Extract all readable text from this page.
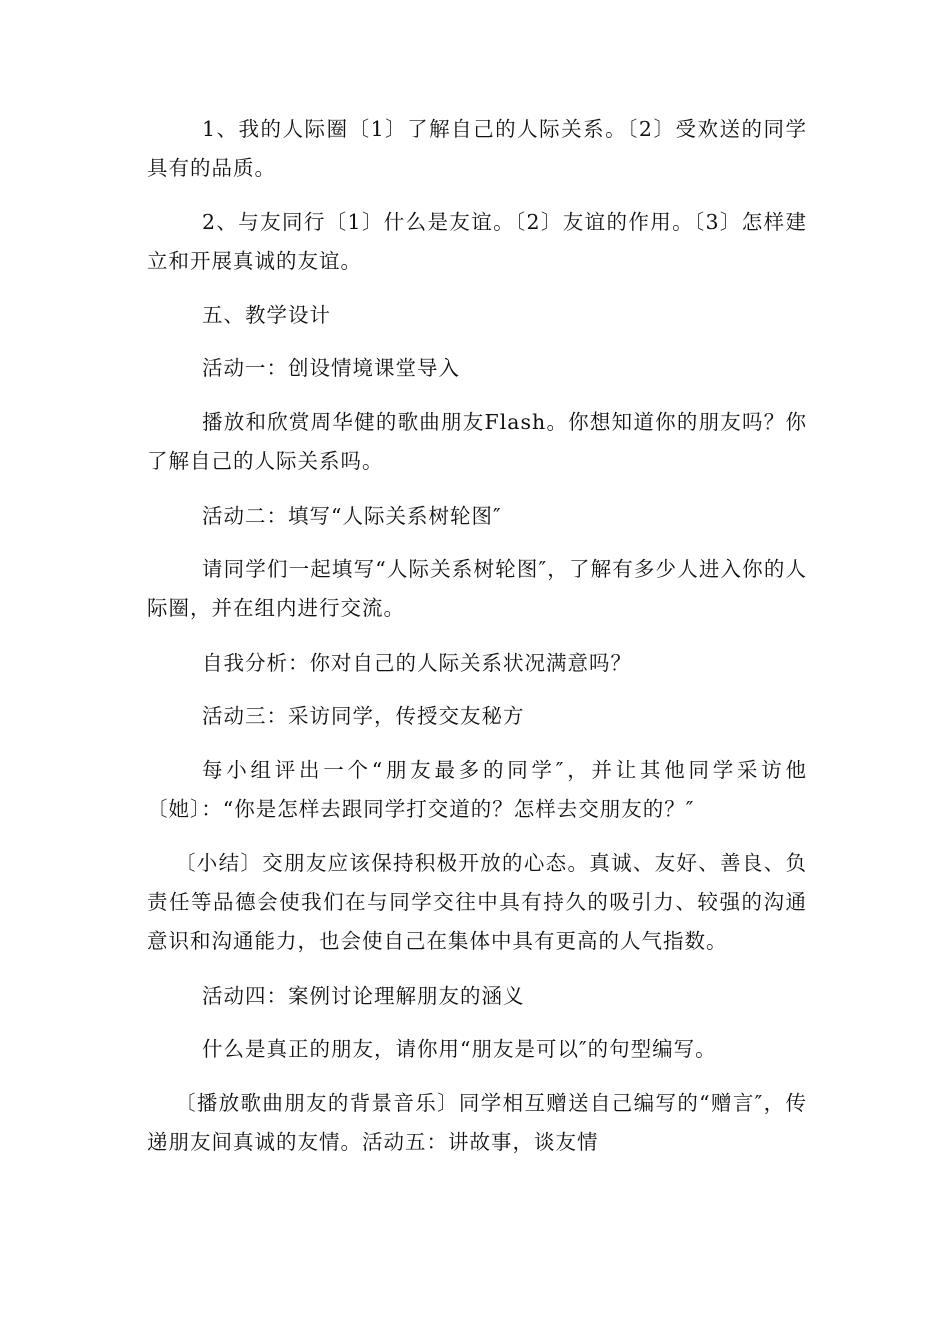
1、我的人际圈〔1〕了解自己的人际关系。〔2〕受欢送的同学具有的品质。

2、与友同行〔1〕什么是友谊。〔2〕友谊的作用。〔3〕怎样建立和开展真诚的友谊。

五、教学设计

活动一：创设情境课堂导入

播放和欣赏周华健的歌曲朋友Flash。你想知道你的朋友吗？你了解自己的人际关系吗。

活动二：填写“人际关系树轮图″

请同学们一起填写“人际关系树轮图″，了解有多少人进入你的人际圈，并在组内进行交流。

自我分析：你对自己的人际关系状况满意吗？

活动三：采访同学，传授交友秘方

每小组评出一个“朋友最多的同学″，并让其他同学采访他〔她〕：“你是怎样去跟同学打交道的？怎样去交朋友的？″

〔小结〕交朋友应该保持积极开放的心态。真诚、友好、善良、负责任等品德会使我们在与同学交往中具有持久的吸引力、较强的沟通意识和沟通能力，也会使自己在集体中具有更高的人气指数。

活动四：案例讨论理解朋友的涵义

什么是真正的朋友，请你用“朋友是可以″的句型编写。

〔播放歌曲朋友的背景音乐〕同学相互赠送自己编写的“赠言″，传递朋友间真诚的友情。活动五：讲故事，谈友情
